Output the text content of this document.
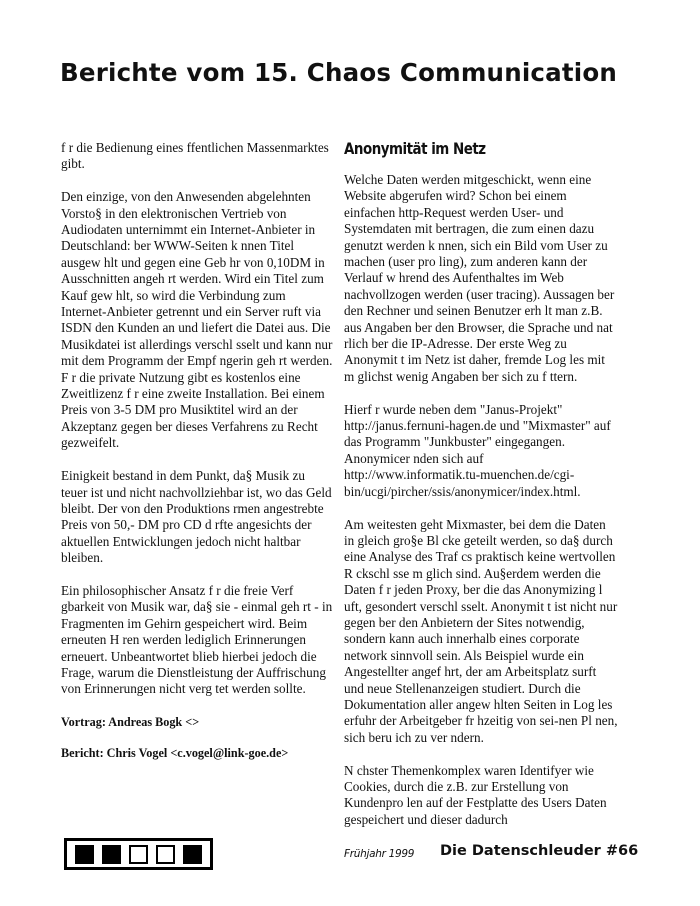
Berichte vom 15. Chaos Communication

f r die Bedienung eines ffentlichen Massenmarktes gibt.

Den einzige, von den Anwesenden abgelehnten Vorsto§ in den elektronischen Vertrieb von Audiodaten unternimmt ein Internet-Anbieter in Deutschland: ber WWW-Seiten k nnen Titel ausgew hlt und gegen eine Geb hr von 0,10DM in Ausschnitten angeh rt werden. Wird ein Titel zum Kauf gew hlt, so wird die Verbindung zum Internet-Anbieter getrennt und ein Server ruft via ISDN den Kunden an und liefert die Datei aus. Die Musikdatei ist allerdings verschl sselt und kann nur mit dem Programm der Empf ngerin geh rt werden. F r die private Nutzung gibt es kostenlos eine Zweitlizenz f r eine zweite Installation. Bei einem Preis von 3-5 DM pro Musiktitel wird an der Akzeptanz gegen ber dieses Verfahrens zu Recht gezweifelt.

Einigkeit bestand in dem Punkt, da§ Musik zu teuer ist und nicht nachvollziehbar ist, wo das Geld bleibt. Der von den Produktions rmen angestrebte Preis von 50,- DM pro CD d rfte angesichts der aktuellen Entwicklungen jedoch nicht haltbar bleiben.

Ein philosophischer Ansatz f r die freie Verf gbarkeit von Musik war, da§ sie - einmal geh rt - in Fragmenten im Gehirn gespeichert wird. Beim erneuten H ren werden lediglich Erinnerungen erneuert. Unbeantwortet blieb hierbei jedoch die Frage, warum die Dienstleistung der Auffrischung von Erinnerungen nicht verg tet werden sollte.

Vortrag: Andreas Bogk <>

Bericht: Chris Vogel <c.vogel@link-goe.de>

Anonymität im Netz

Welche Daten werden mitgeschickt, wenn eine Website abgerufen wird? Schon bei einem einfachen http-Request werden User- und Systemdaten mit bertragen, die zum einen dazu genutzt werden k nnen, sich ein Bild vom User zu machen (user pro ling), zum anderen kann der Verlauf w hrend des Aufenthaltes im Web nachvollzogen werden (user tracing). Aussagen ber den Rechner und seinen Benutzer erh lt man z.B. aus Angaben ber den Browser, die Sprache und nat rlich ber die IP-Adresse. Der erste Weg zu Anonymit t im Netz ist daher, fremde Log les mit m glichst wenig Angaben ber sich zu f ttern.

Hierf r wurde neben dem "Janus-Projekt" http://janus.fernuni-hagen.de und "Mixmaster" auf das Programm "Junkbuster" eingegangen. Anonymicer nden sich auf http://www.informatik.tu-muenchen.de/cgi-bin/ucgi/pircher/ssis/anonymicer/index.html.

Am weitesten geht Mixmaster, bei dem die Daten in gleich gro§e Bl cke geteilt werden, so da§ durch eine Analyse des Traf cs praktisch keine wertvollen R ckschl sse m glich sind. Au§erdem werden die Daten f r jeden Proxy, ber die das Anonymizing l uft, gesondert verschl sselt. Anonymit t ist nicht nur gegen ber den Anbietern der Sites notwendig, sondern kann auch innerhalb eines corporate network sinnvoll sein. Als Beispiel wurde ein Angestellter angef hrt, der am Arbeitsplatz surft und neue Stellenanzeigen studiert. Durch die Dokumentation aller angew hlten Seiten in Log les erfuhr der Arbeitgeber fr hzeitig von sei-nen Pl nen, sich beru ich zu ver ndern.

N chster Themenkomplex waren Identifyer wie Cookies, durch die z.B. zur Erstellung von Kundenpro len auf der Festplatte des Users Daten gespeichert und dieser dadurch

Frühjahr 1999 Die Datenschleuder #66
